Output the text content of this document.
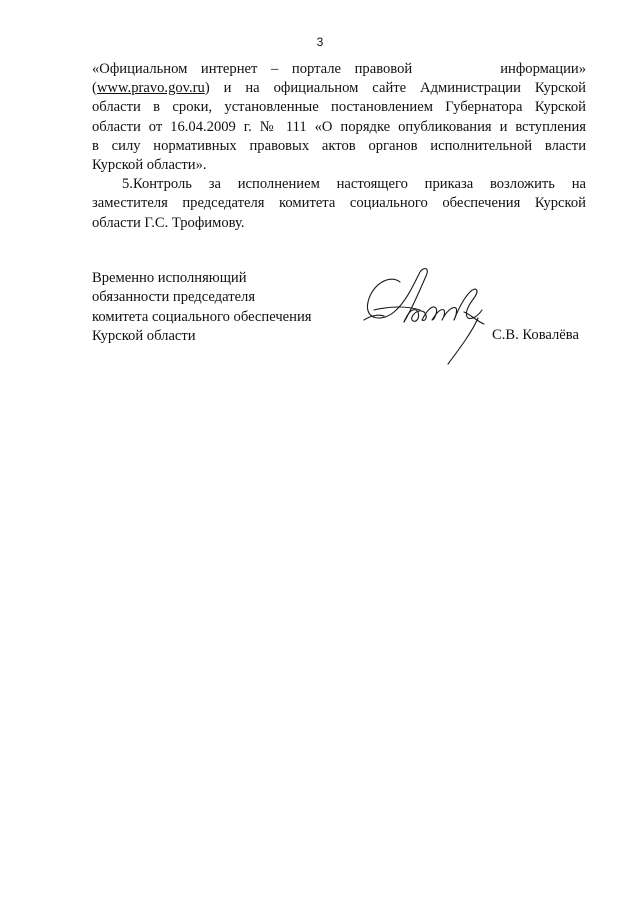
3
«Официальном интернет – портале правовой	информации»
(www.pravo.gov.ru) и на официальном сайте Администрации Курской
области в сроки, установленные постановлением Губернатора Курской
области от 16.04.2009 г. № 111 «О порядке опубликования и вступления
в силу нормативных правовых актов органов исполнительной власти
Курской области».
5.Контроль за исполнением настоящего приказа возложить на
заместителя председателя комитета социального обеспечения Курской
области Г.С. Трофимову.
Временно исполняющий
обязанности председателя
комитета социального обеспечения
Курской области	С.В. Ковалёва
